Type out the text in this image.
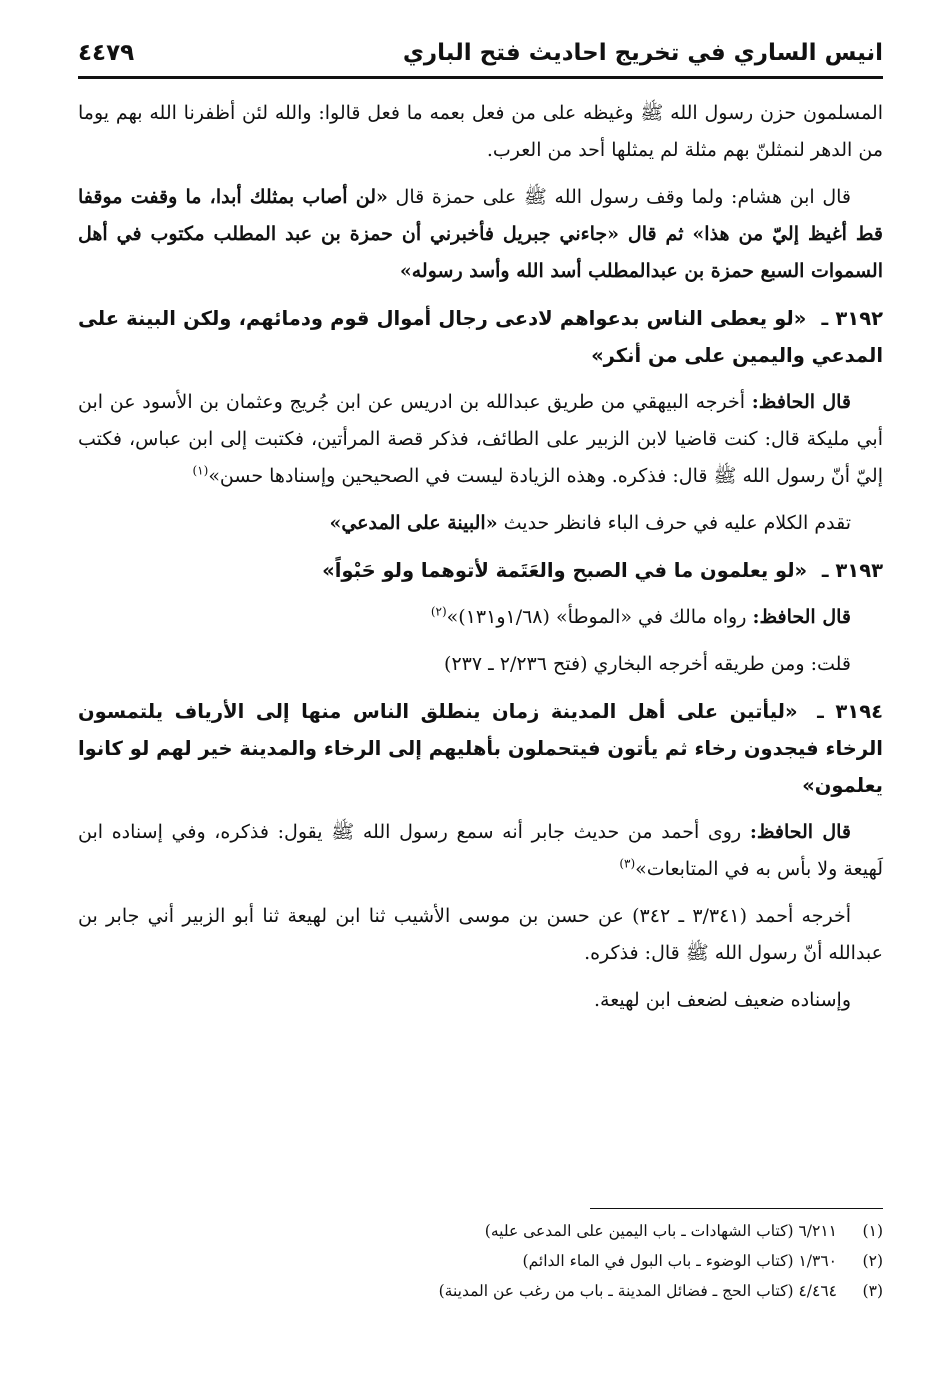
انيس الساري في تخريج احاديث فتح الباري
٤٤٧٩

المسلمون حزن رسول الله ﷺ وغيظه على من فعل بعمه ما فعل قالوا: والله لئن أظفرنا الله بهم يوما من الدهر لنمثلنّ بهم مثلة لم يمثلها أحد من العرب.

قال ابن هشام: ولما وقف رسول الله ﷺ على حمزة قال «لن أصاب بمثلك أبدا، ما وقفت موقفا قط أغيظ إليّ من هذا» ثم قال «جاءني جبريل فأخبرني أن حمزة بن عبد المطلب مكتوب في أهل السموات السبع حمزة بن عبدالمطلب أسد الله وأسد رسوله»

٣١٩٢ ـ «لو يعطى الناس بدعواهم لادعى رجال أموال قوم ودمائهم، ولكن البينة على المدعي واليمين على من أنكر»

قال الحافظ: أخرجه البيهقي من طريق عبدالله بن ادريس عن ابن جُريج وعثمان بن الأسود عن ابن أبي مليكة قال: كنت قاضيا لابن الزبير على الطائف، فذكر قصة المرأتين، فكتبت إلى ابن عباس، فكتب إليّ أنّ رسول الله ﷺ قال: فذكره. وهذه الزيادة ليست في الصحيحين وإسنادها حسن»$^{(١)}$

تقدم الكلام عليه في حرف الباء فانظر حديث «البينة على المدعي»

٣١٩٣ ـ «لو يعلمون ما في الصبح والعَتَمة لأتوهما ولو حَبْواً»

قال الحافظ: رواه مالك في «الموطأ» (١/٦٨و١٣١)»$^{(٢)}$

قلت: ومن طريقه أخرجه البخاري (فتح ٢/٢٣٦ ـ ٢٣٧)

٣١٩٤ ـ «ليأتين على أهل المدينة زمان ينطلق الناس منها إلى الأرياف يلتمسون الرخاء فيجدون رخاء ثم يأتون فيتحملون بأهليهم إلى الرخاء والمدينة خير لهم لو كانوا يعلمون»

قال الحافظ: روى أحمد من حديث جابر أنه سمع رسول الله ﷺ يقول: فذكره، وفي إسناده ابن لَهيعة ولا بأس به في المتابعات»$^{(٣)}$

أخرجه أحمد (٣/٣٤١ ـ ٣٤٢) عن حسن بن موسى الأشيب ثنا ابن لهيعة ثنا أبو الزبير أني جابر بن عبدالله أنّ رسول الله ﷺ قال: فذكره.

وإسناده ضعيف لضعف ابن لهيعة.

(١)٦/٢١١ (كتاب الشهادات ـ باب اليمين على المدعى عليه)
(٢)١/٣٦٠ (كتاب الوضوء ـ باب البول في الماء الدائم)
(٣)٤/٤٦٤ (كتاب الحج ـ فضائل المدينة ـ باب من رغب عن المدينة)
